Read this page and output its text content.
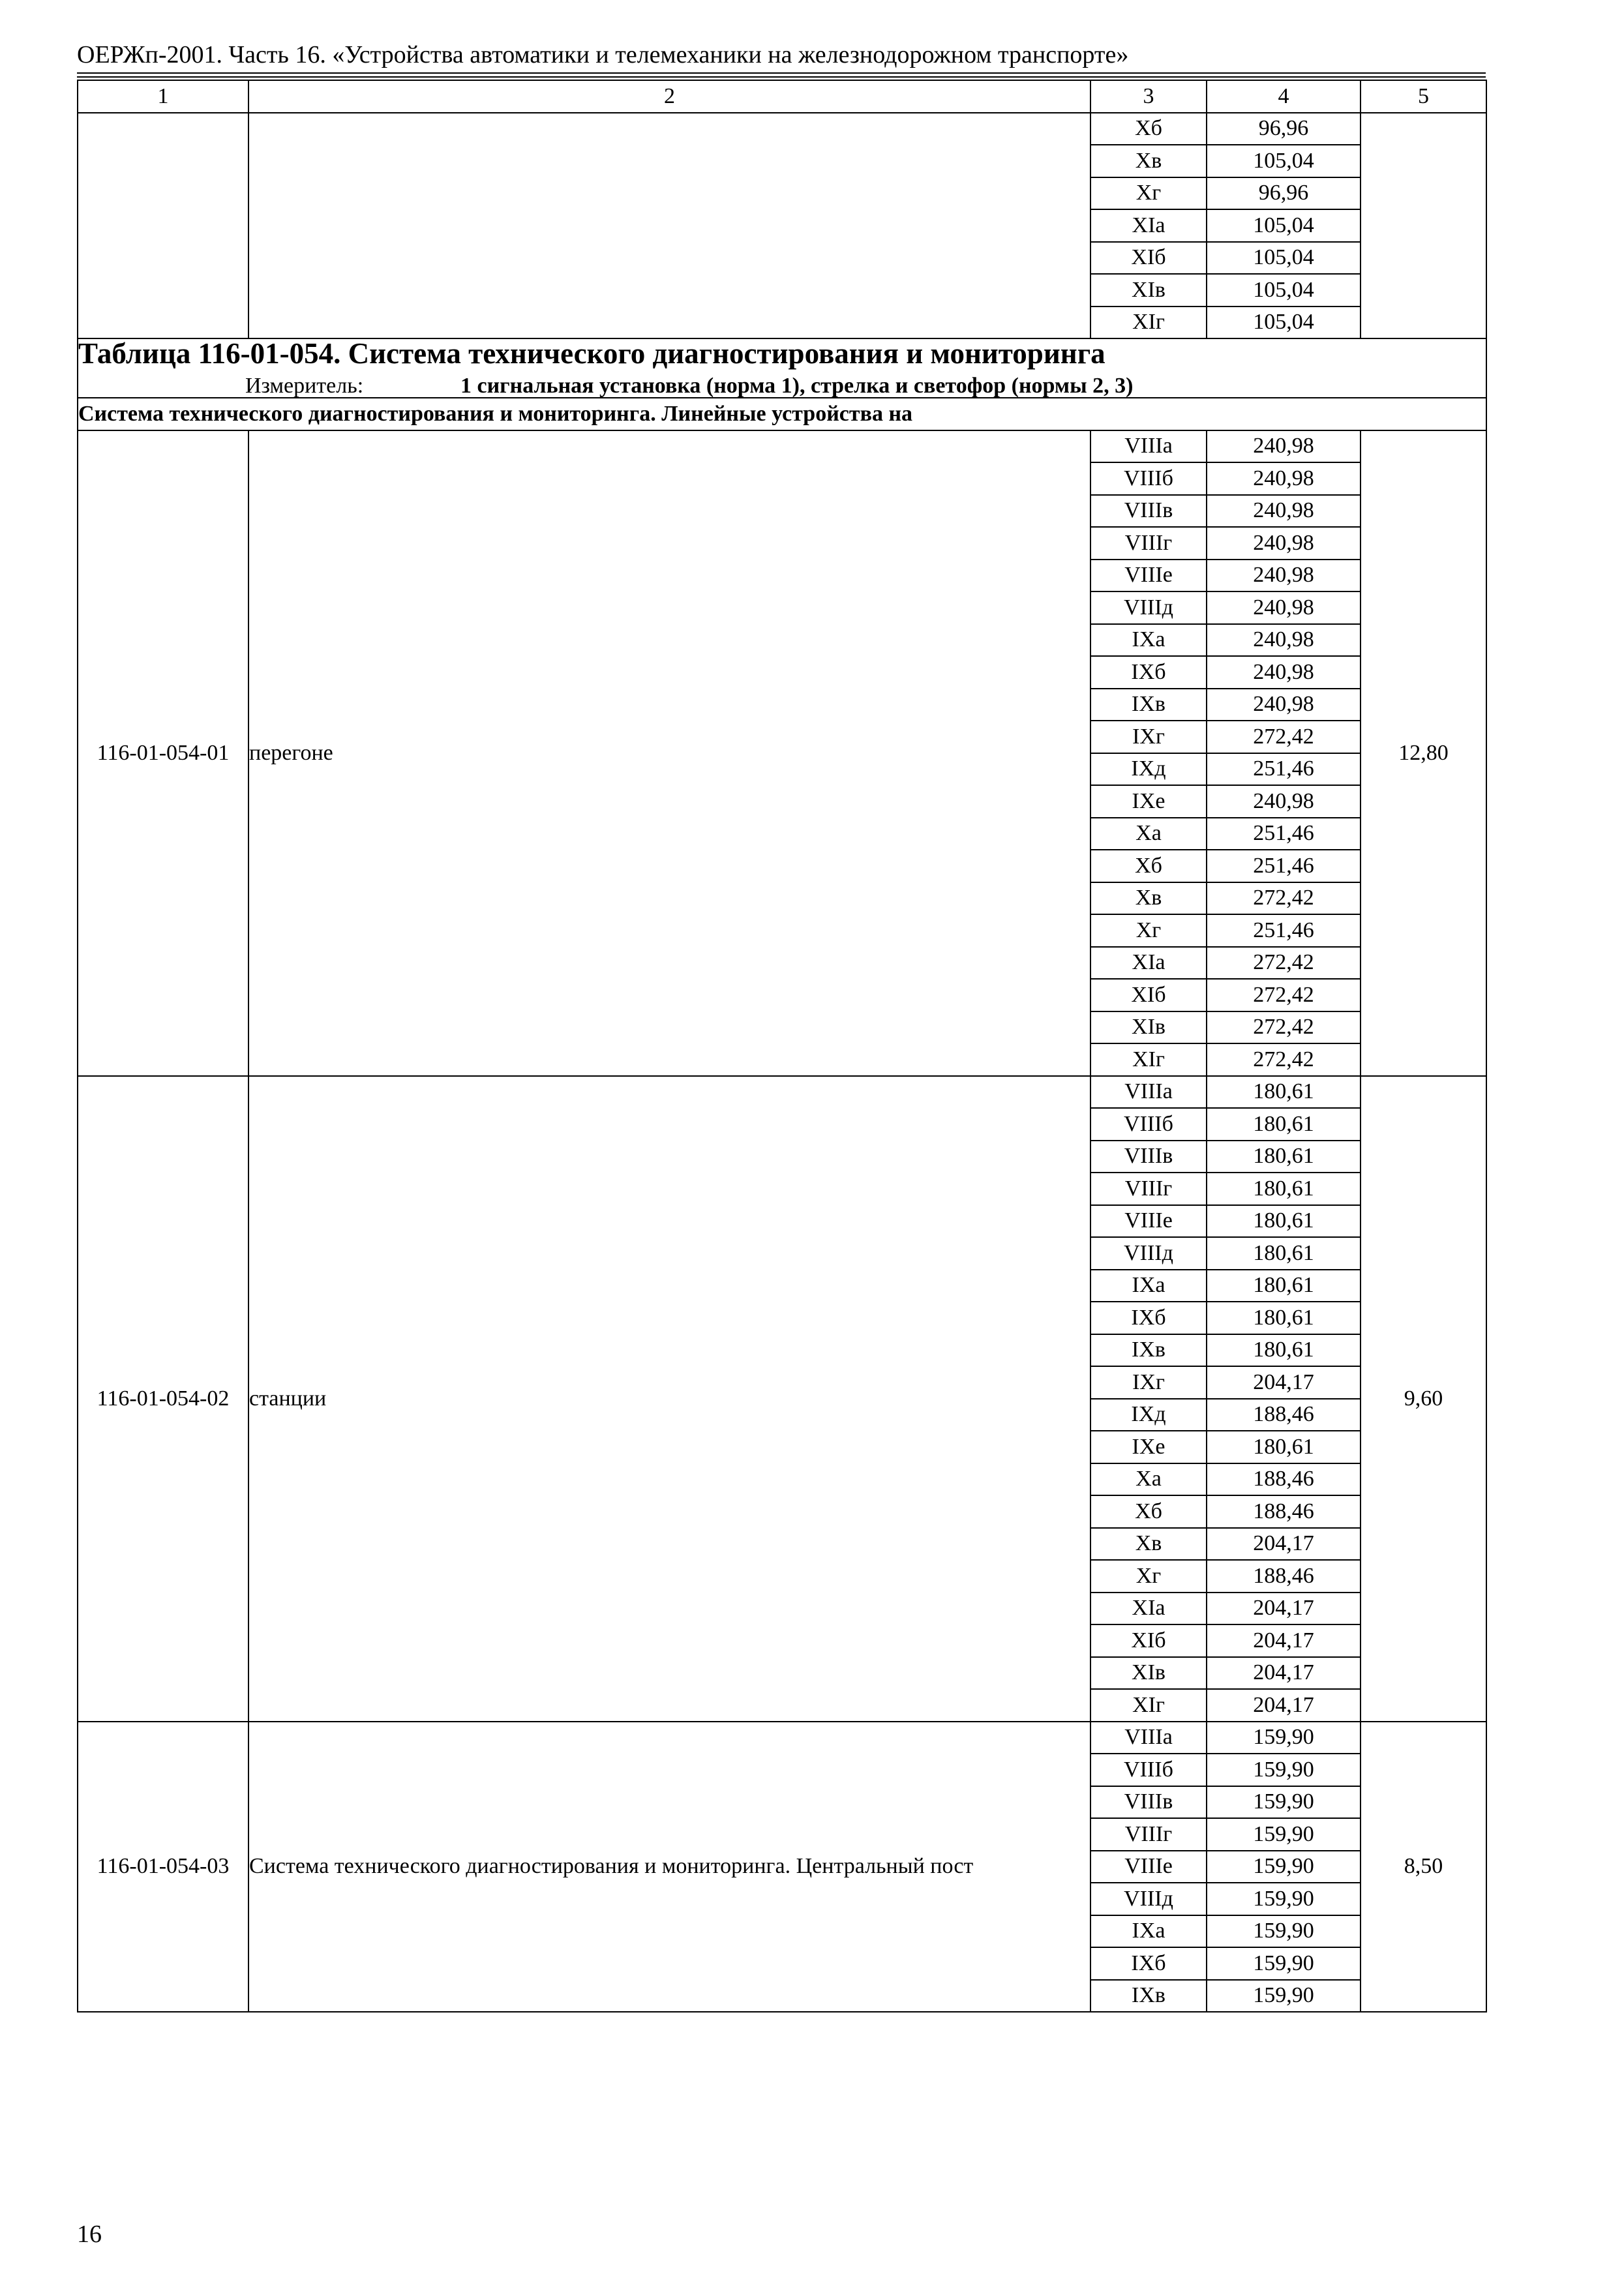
ОЕРЖп-2001. Часть 16. «Устройства автоматики и телемеханики на железнодорожном транспорте»
1	2	3	4	5
		Xб	96,96	
		Xв	105,04	
		Xг	96,96	
		XIа	105,04	
		XIб	105,04	
		XIв	105,04	
		XIг	105,04	

Таблица 116-01-054. Система технического диагностирования и мониторинга
Измеритель: 1 сигнальная установка (норма 1), стрелка и светофор (нормы 2, 3)				

Система технического диагностирования и мониторинга. Линейные устройства на				
116-01-054-01	перегоне	VIIIа	240,98	12,80
		VIIIб	240,98	
		VIIIв	240,98	
		VIIIг	240,98	
		VIIIе	240,98	
		VIIIд	240,98	
		IXа	240,98	
		IXб	240,98	
		IXв	240,98	
		IXг	272,42	
		IXд	251,46	
		IXе	240,98	
		Xа	251,46	
		Xб	251,46	
		Xв	272,42	
		Xг	251,46	
		XIа	272,42	
		XIб	272,42	
		XIв	272,42	
		XIг	272,42	
116-01-054-02	станции	VIIIа	180,61	9,60
		VIIIб	180,61	
		VIIIв	180,61	
		VIIIг	180,61	
		VIIIе	180,61	
		VIIIд	180,61	
		IXа	180,61	
		IXб	180,61	
		IXв	180,61	
		IXг	204,17	
		IXд	188,46	
		IXе	180,61	
		Xа	188,46	
		Xб	188,46	
		Xв	204,17	
		Xг	188,46	
		XIа	204,17	
		XIб	204,17	
		XIв	204,17	
		XIг	204,17	
116-01-054-03	Система технического диагностирования и мониторинга. Центральный пост	VIIIа	159,90	8,50
		VIIIб	159,90	
		VIIIв	159,90	
		VIIIг	159,90	
		VIIIе	159,90	
		VIIIд	159,90	
		IXа	159,90	
		IXб	159,90	
		IXв	159,90	
16
